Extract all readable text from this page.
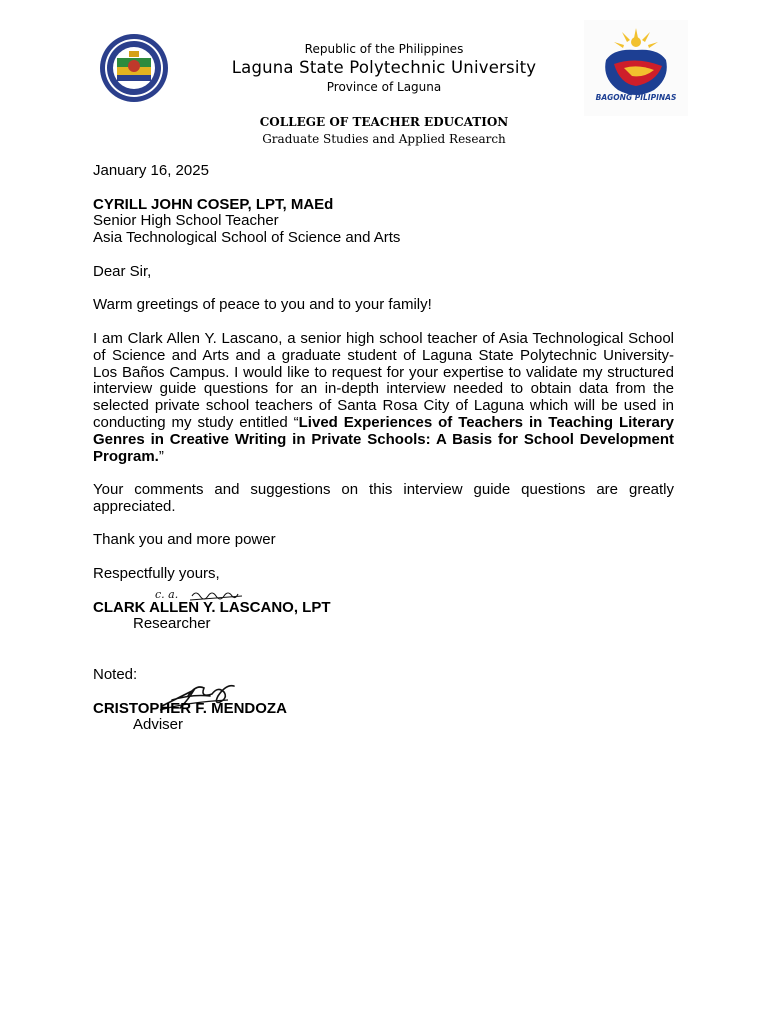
Republic of the Philippines
Laguna State Polytechnic University
Province of Laguna
COLLEGE OF TEACHER EDUCATION
Graduate Studies and Applied Research
BAGONG PILIPINAS
January 16, 2025
CYRILL JOHN COSEP, LPT, MAEd
Senior High School Teacher
Asia Technological School of Science and Arts
Dear Sir,
Warm greetings of peace to you and to your family!
I am Clark Allen Y. Lascano, a senior high school teacher of Asia Technological School of Science and Arts and a graduate student of Laguna State Polytechnic University- Los Baños Campus. I would like to request for your expertise to validate my structured interview guide questions for an in-depth interview needed to obtain data from the selected private school teachers of Santa Rosa City of Laguna which will be used in conducting my study entitled “Lived Experiences of Teachers in Teaching Literary Genres in Creative Writing in Private Schools: A Basis for School Development Program.”
Your comments and suggestions on this interview guide questions are greatly appreciated.
Thank you and more power
Respectfully yours,
c. a.
CLARK ALLEN Y. LASCANO, LPT
Researcher
Noted:
CRISTOPHER F. MENDOZA
Adviser
